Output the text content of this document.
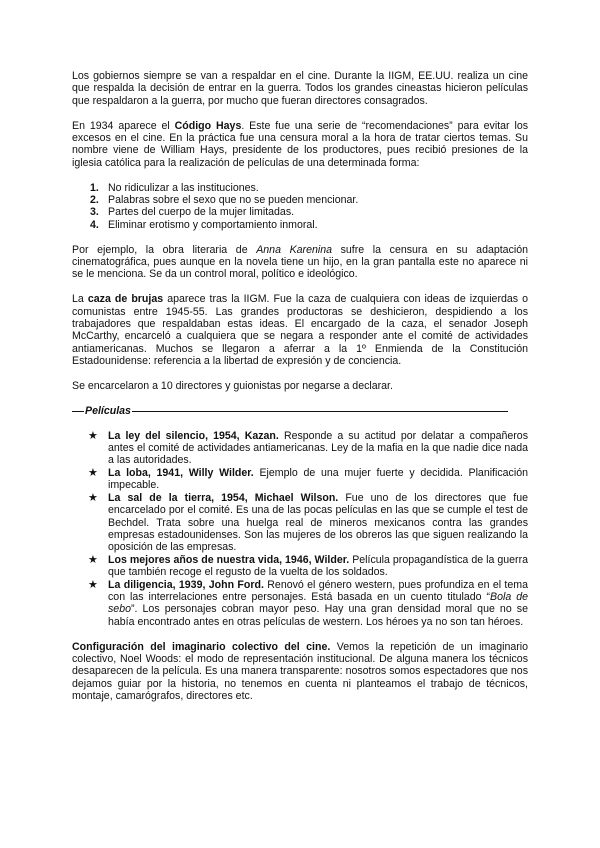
Los gobiernos siempre se van a respaldar en el cine. Durante la IIGM, EE.UU. realiza un cine que respalda la decisión de entrar en la guerra. Todos los grandes cineastas hicieron películas que respaldaron a la guerra, por mucho que fueran directores consagrados.

En 1934 aparece el Código Hays. Este fue una serie de “recomendaciones” para evitar los excesos en el cine. En la práctica fue una censura moral a la hora de tratar ciertos temas. Su nombre viene de William Hays, presidente de los productores, pues recibió presiones de la iglesia católica para la realización de películas de una determinada forma:

1. No ridiculizar a las instituciones.
2. Palabras sobre el sexo que no se pueden mencionar.
3. Partes del cuerpo de la mujer limitadas.
4. Eliminar erotismo y comportamiento inmoral.

Por ejemplo, la obra literaria de Anna Karenina sufre la censura en su adaptación cinematográfica, pues aunque en la novela tiene un hijo, en la gran pantalla este no aparece ni se le menciona. Se da un control moral, político e ideológico.

La caza de brujas aparece tras la IIGM. Fue la caza de cualquiera con ideas de izquierdas o comunistas entre 1945-55. Las grandes productoras se deshicieron, despidiendo a los trabajadores que respaldaban estas ideas. El encargado de la caza, el senador Joseph McCarthy, encarceló a cualquiera que se negara a responder ante el comité de actividades antiamericanas. Muchos se llegaron a aferrar a la 1º Enmienda de la Constitución Estadounidense: referencia a la libertad de expresión y de conciencia.

Se encarcelaron a 10 directores y guionistas por negarse a declarar.

Películas
★ La ley del silencio, 1954, Kazan. Responde a su actitud por delatar a compañeros antes el comité de actividades antiamericanas. Ley de la mafia en la que nadie dice nada a las autoridades.
★ La loba, 1941, Willy Wilder. Ejemplo de una mujer fuerte y decidida. Planificación impecable.
★ La sal de la tierra, 1954, Michael Wilson. Fue uno de los directores que fue encarcelado por el comité. Es una de las pocas películas en las que se cumple el test de Bechdel. Trata sobre una huelga real de mineros mexicanos contra las grandes empresas estadounidenses. Son las mujeres de los obreros las que siguen realizando la oposición de las empresas.
★ Los mejores años de nuestra vida, 1946, Wilder. Película propagandística de la guerra que también recoge el regusto de la vuelta de los soldados.
★ La diligencia, 1939, John Ford. Renovó el género western, pues profundiza en el tema con las interrelaciones entre personajes. Está basada en un cuento titulado “Bola de sebo”. Los personajes cobran mayor peso. Hay una gran densidad moral que no se había encontrado antes en otras películas de western. Los héroes ya no son tan héroes.

Configuración del imaginario colectivo del cine. Vemos la repetición de un imaginario colectivo, Noel Woods: el modo de representación institucional. De alguna manera los técnicos desaparecen de la película. Es una manera transparente: nosotros somos espectadores que nos dejamos guiar por la historia, no tenemos en cuenta ni planteamos el trabajo de técnicos, montaje, camarógrafos, directores etc.
